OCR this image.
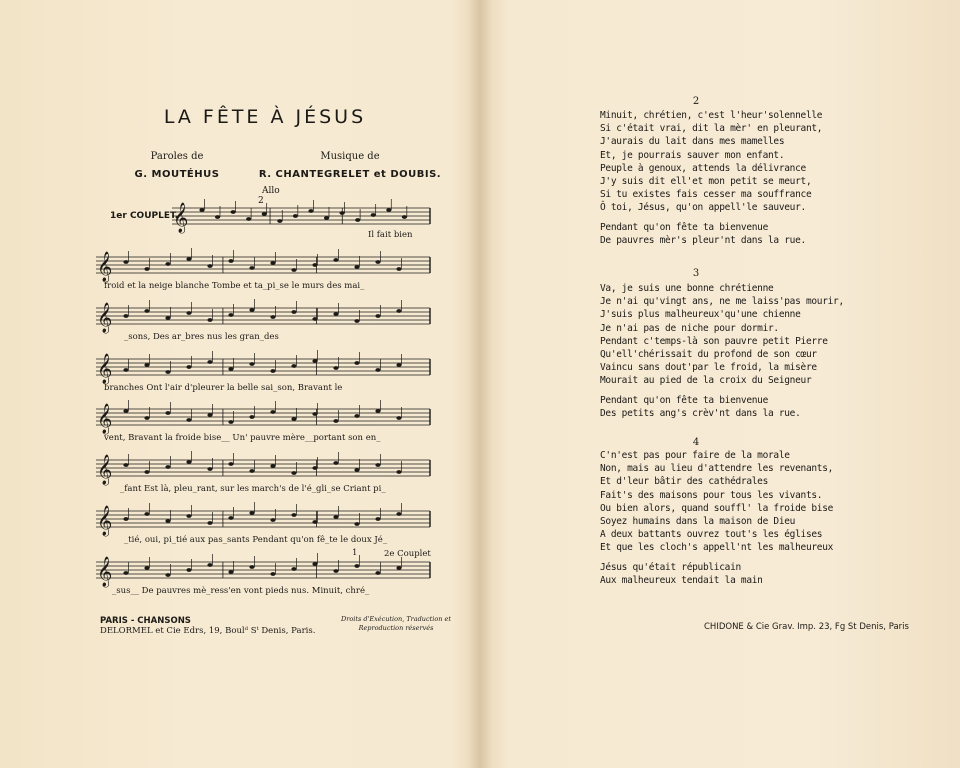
LA FÊTE À JÉSUS
Paroles de
G. MOUTÉHUS
Musique de
R. CHANTEGRELET et DOUBIS.
Allo
2
1er COUPLET.
𝄞
𝄞
𝄞
𝄞
𝄞
𝄞
𝄞
𝄞
Il fait bien
froid et la neige blanche Tombe et ta_pi_se le murs des mai_
_sons, Des ar_bres nus les gran_des
branches Ont l'air d'pleurer la belle sai_son, Bravant le
vent, Bravant la froide bise__ Un' pauvre mère__portant son en_
_fant Est là, pleu_rant, sur les march's de l'é_gli_se Criant pi_
_tié, oui, pi_tié aux pas_sants Pendant qu'on fê_te le doux Jé_
_sus__ De pauvres mè_ress'en vont pieds nus. Minuit, chré_
2e Couplet
1
PARIS - CHANSONS
DELORMEL et Cie Edrs, 19, Boulᵈ Sᵗ Denis, Paris.
Droits d'Exécution, Traduction et Reproduction réservés
2
Minuit, chrétien, c'est l'heur'solennelle
Si c'était vrai, dit la mèr' en pleurant,
J'aurais du lait dans mes mamelles
Et, je pourrais sauver mon enfant.
Peuple à genoux, attends la délivrance
J'y suis dit ell'et mon petit se meurt,
Si tu existes fais cesser ma souffrance
Ô toi, Jésus, qu'on appell'le sauveur.
Pendant qu'on fête ta bienvenue
De pauvres mèr's pleur'nt dans la rue.
3
Va, je suis une bonne chrétienne
Je n'ai qu'vingt ans, ne me laiss'pas mourir,
J'suis plus malheureux'qu'une chienne
Je n'ai pas de niche pour dormir.
Pendant c'temps-là son pauvre petit Pierre
Qu'ell'chérissait du profond de son cœur
Vaincu sans dout'par le froid, la misère
Mourait au pied de la croix du Seigneur
Pendant qu'on fête ta bienvenue
Des petits ang's crèv'nt dans la rue.
4
C'n'est pas pour faire de la morale
Non, mais au lieu d'attendre les revenants,
Et d'leur bâtir des cathédrales
Fait's des maisons pour tous les vivants.
Ou bien alors, quand souffl' la froide bise
Soyez humains dans la maison de Dieu
A deux battants ouvrez tout's les églises
Et que les cloch's appell'nt les malheureux
Jésus qu'était républicain
Aux malheureux tendait la main
CHIDONE & Cie Grav. Imp. 23, Fg St Denis, Paris
